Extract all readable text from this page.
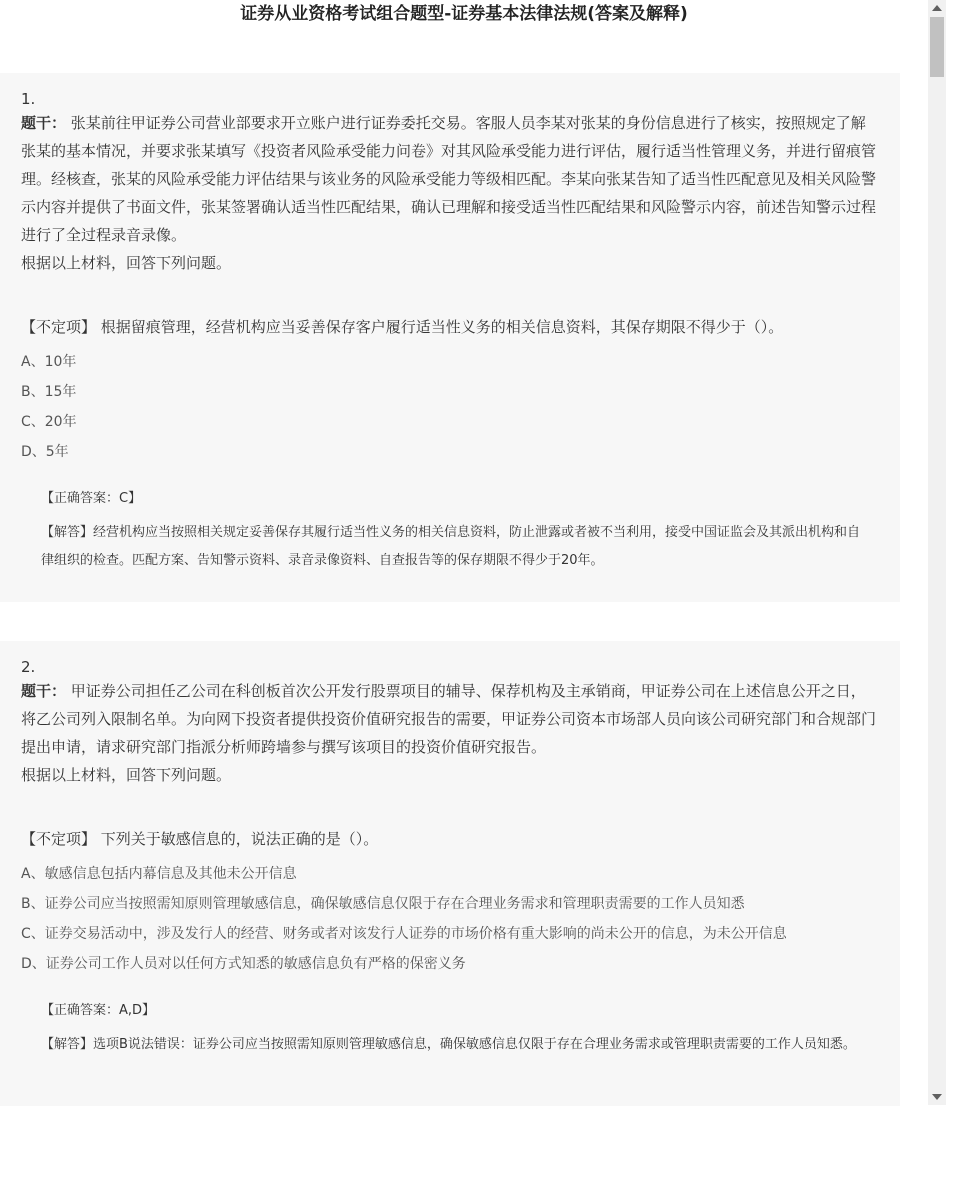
证券从业资格考试组合题型-证券基本法律法规(答案及解释)
1.
题干： 张某前往甲证券公司营业部要求开立账户进行证券委托交易。客服人员李某对张某的身份信息进行了核实，按照规定了解张某的基本情况，并要求张某填写《投资者风险承受能力问卷》对其风险承受能力进行评估，履行适当性管理义务，并进行留痕管理。经核查，张某的风险承受能力评估结果与该业务的风险承受能力等级相匹配。李某向张某告知了适当性匹配意见及相关风险警示内容并提供了书面文件，张某签署确认适当性匹配结果，确认已理解和接受适当性匹配结果和风险警示内容，前述告知警示过程进行了全过程录音录像。
根据以上材料，回答下列问题。
【不定项】 根据留痕管理，经营机构应当妥善保存客户履行适当性义务的相关信息资料，其保存期限不得少于（）。
A、10年
B、15年
C、20年
D、5年
【正确答案：C】
【解答】经营机构应当按照相关规定妥善保存其履行适当性义务的相关信息资料，防止泄露或者被不当利用，接受中国证监会及其派出机构和自律组织的检查。匹配方案、告知警示资料、录音录像资料、自查报告等的保存期限不得少于20年。
2.
题干： 甲证券公司担任乙公司在科创板首次公开发行股票项目的辅导、保荐机构及主承销商，甲证券公司在上述信息公开之日，将乙公司列入限制名单。为向网下投资者提供投资价值研究报告的需要，甲证券公司资本市场部人员向该公司研究部门和合规部门提出申请，请求研究部门指派分析师跨墙参与撰写该项目的投资价值研究报告。
根据以上材料，回答下列问题。
【不定项】 下列关于敏感信息的，说法正确的是（）。
A、敏感信息包括内幕信息及其他未公开信息
B、证券公司应当按照需知原则管理敏感信息，确保敏感信息仅限于存在合理业务需求和管理职责需要的工作人员知悉
C、证券交易活动中，涉及发行人的经营、财务或者对该发行人证券的市场价格有重大影响的尚未公开的信息，为未公开信息
D、证券公司工作人员对以任何方式知悉的敏感信息负有严格的保密义务
【正确答案：A,D】
【解答】选项B说法错误：证券公司应当按照需知原则管理敏感信息，确保敏感信息仅限于存在合理业务需求或管理职责需要的工作人员知悉。
